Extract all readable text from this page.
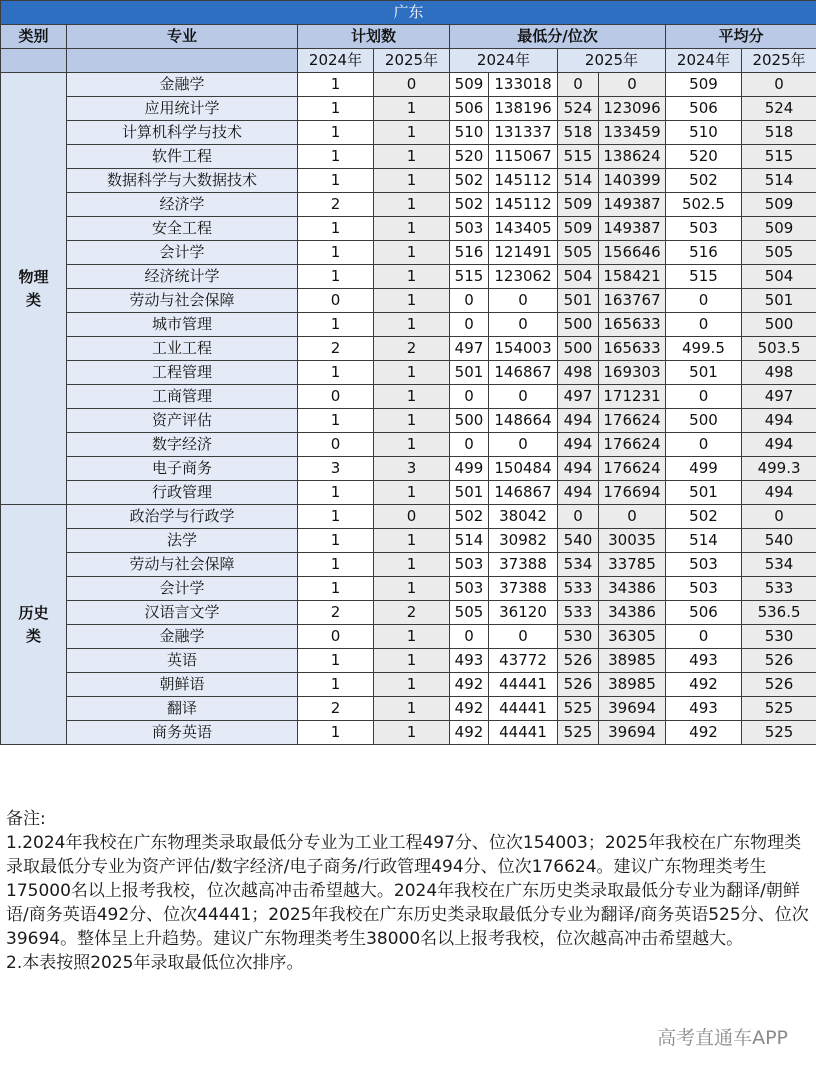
广东									
类别	专业	计划数		最低分/位次				平均分	
		2024年	2025年	2024年		2025年		2024年	2025年

物理类	金融学	1	0	509	133018	0	0	509	0
	应用统计学	1	1	506	138196	524	123096	506	524
	计算机科学与技术	1	1	510	131337	518	133459	510	518
	软件工程	1	1	520	115067	515	138624	520	515
	数据科学与大数据技术	1	1	502	145112	514	140399	502	514
	经济学	2	1	502	145112	509	149387	502.5	509
	安全工程	1	1	503	143405	509	149387	503	509
	会计学	1	1	516	121491	505	156646	516	505
	经济统计学	1	1	515	123062	504	158421	515	504
	劳动与社会保障	0	1	0	0	501	163767	0	501
	城市管理	1	1	0	0	500	165633	0	500
	工业工程	2	2	497	154003	500	165633	499.5	503.5
	工程管理	1	1	501	146867	498	169303	501	498
	工商管理	0	1	0	0	497	171231	0	497
	资产评估	1	1	500	148664	494	176624	500	494
	数字经济	0	1	0	0	494	176624	0	494
	电子商务	3	3	499	150484	494	176624	499	499.3
	行政管理	1	1	501	146867	494	176694	501	494

历史类	政治学与行政学	1	0	502	38042	0	0	502	0
	法学	1	1	514	30982	540	30035	514	540
	劳动与社会保障	1	1	503	37388	534	33785	503	534
	会计学	1	1	503	37388	533	34386	503	533
	汉语言文学	2	2	505	36120	533	34386	506	536.5
	金融学	0	1	0	0	530	36305	0	530
	英语	1	1	493	43772	526	38985	493	526
	朝鲜语	1	1	492	44441	526	38985	492	526
	翻译	2	1	492	44441	525	39694	493	525
	商务英语	1	1	492	44441	525	39694	492	525

备注:

1.2024年我校在广东物理类录取最低分专业为工业工程497分、位次154003；2025年我校在广东物理类录取最低分专业为资产评估/数字经济/电子商务/行政管理494分、位次176624。建议广东物理类考生175000名以上报考我校，位次越高冲击希望越大。2024年我校在广东历史类录取最低分专业为翻译/朝鲜语/商务英语492分、位次44441；2025年我校在广东历史类录取最低分专业为翻译/商务英语525分、位次39694。整体呈上升趋势。建议广东物理类考生38000名以上报考我校，位次越高冲击希望越大。

2.本表按照2025年录取最低位次排序。

高考直通车APP
